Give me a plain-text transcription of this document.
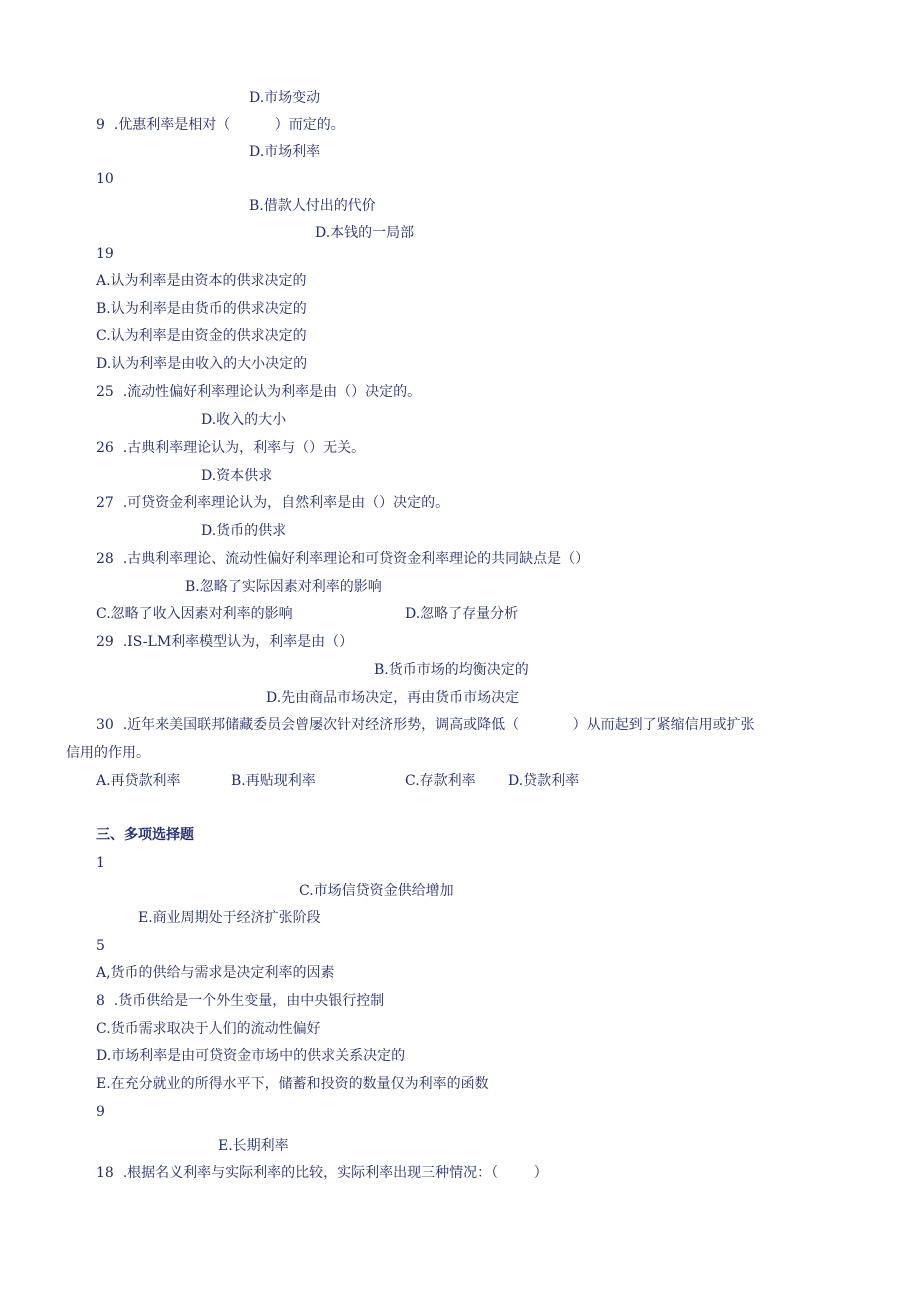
D.市场变动
9  .优惠利率是相对（          ）而定的。
D.市场利率
10
B.借款人付出的代价
D.本钱的一局部
19
A.认为利率是由资本的供求决定的
B.认为利率是由货币的供求决定的
C.认为利率是由资金的供求决定的
D.认为利率是由收入的大小决定的
25  .流动性偏好利率理论认为利率是由（）决定的。
D.收入的大小
26  .古典利率理论认为，利率与（）无关。
D.资本供求
27  .可贷资金利率理论认为，自然利率是由（）决定的。
D.货币的供求
28  .古典利率理论、流动性偏好利率理论和可贷资金利率理论的共同缺点是（）
B.忽略了实际因素对利率的影响
C.忽略了收入因素对利率的影响	D.忽略了存量分析
29  .IS-LM利率模型认为，利率是由（）
B.货币市场的均衡决定的
D.先由商品市场决定，再由货币市场决定
30  .近年来美国联邦储藏委员会曾屡次针对经济形势，调高或降低（            ）从而起到了紧缩信用或扩张
信用的作用。
A.再贷款利率	B.再贴现利率	C.存款利率 D.贷款利率
三、多项选择题
1
C.市场信贷资金供给增加
E.商业周期处于经济扩张阶段
5
A,货币的供给与需求是决定利率的因素
8  .货币供给是一个外生变量，由中央银行控制
C.货币需求取决于人们的流动性偏好
D.市场利率是由可贷资金市场中的供求关系决定的
E.在充分就业的所得水平下，储蓄和投资的数量仅为利率的函数
9
E.长期利率
18  .根据名义利率与实际利率的比较，实际利率出现三种情况：（        ）
